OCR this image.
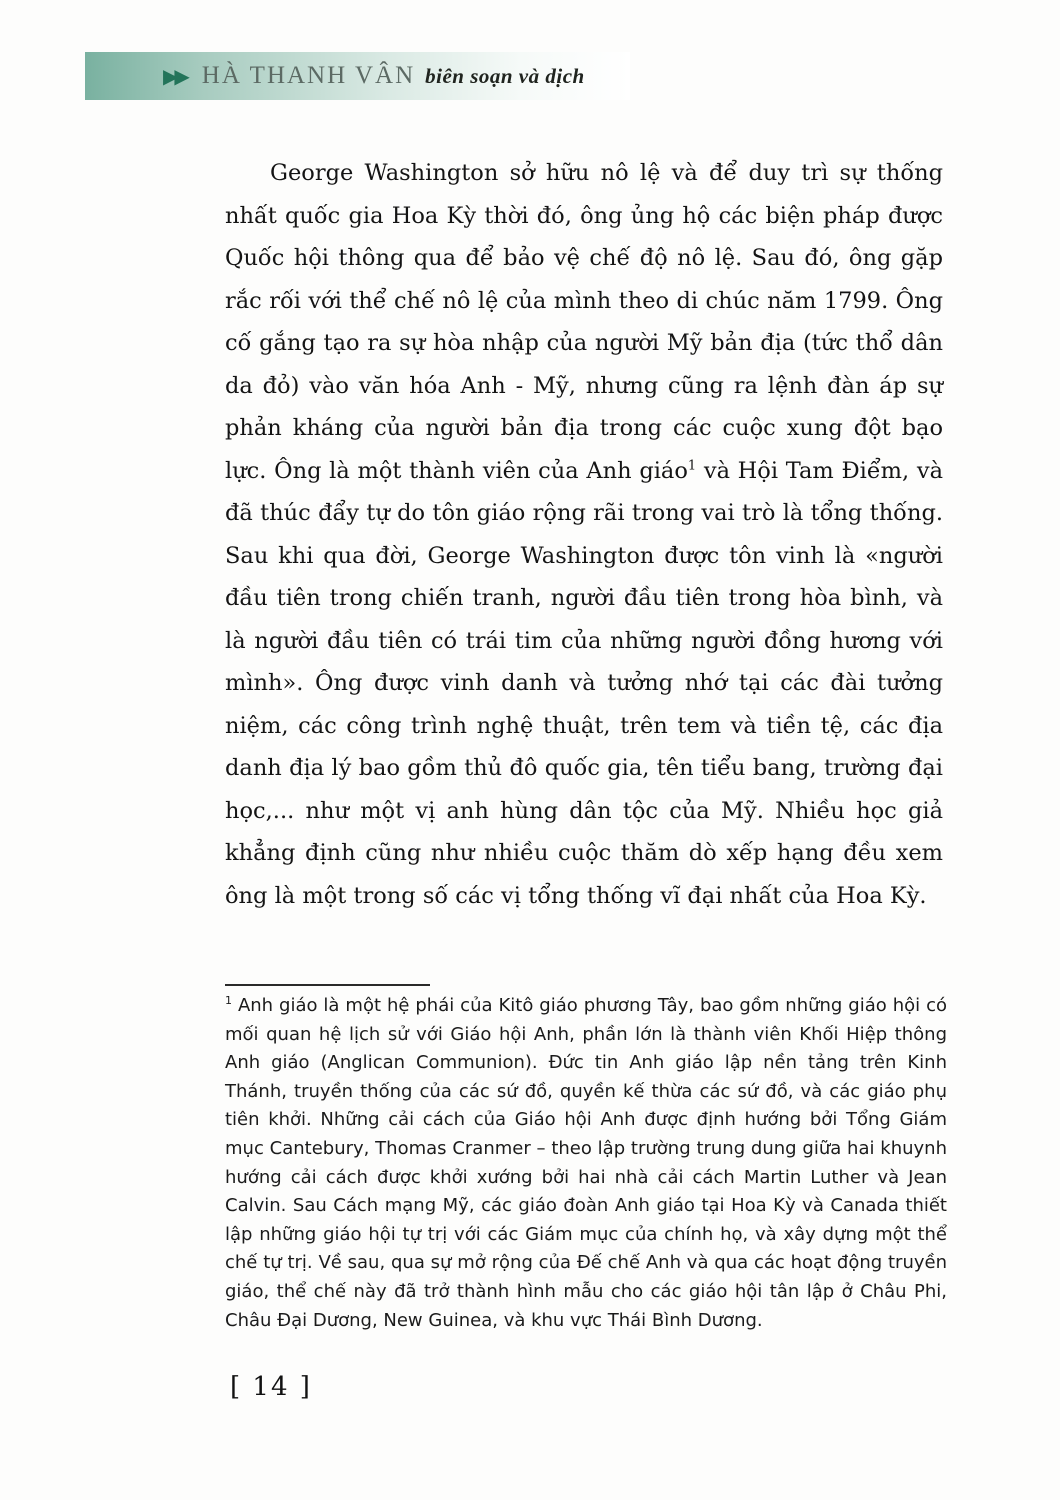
▶▶ HÀ THANH VÂN biên soạn và dịch
George Washington sở hữu nô lệ và để duy trì sự thống nhất quốc gia Hoa Kỳ thời đó, ông ủng hộ các biện pháp được Quốc hội thông qua để bảo vệ chế độ nô lệ. Sau đó, ông gặp rắc rối với thể chế nô lệ của mình theo di chúc năm 1799. Ông cố gắng tạo ra sự hòa nhập của người Mỹ bản địa (tức thổ dân da đỏ) vào văn hóa Anh - Mỹ, nhưng cũng ra lệnh đàn áp sự phản kháng của người bản địa trong các cuộc xung đột bạo lực. Ông là một thành viên của Anh giáo$^1$ và Hội Tam Điểm, và đã thúc đẩy tự do tôn giáo rộng rãi trong vai trò là tổng thống. Sau khi qua đời, George Washington được tôn vinh là «người đầu tiên trong chiến tranh, người đầu tiên trong hòa bình, và là người đầu tiên có trái tim của những người đồng hương với mình». Ông được vinh danh và tưởng nhớ tại các đài tưởng niệm, các công trình nghệ thuật, trên tem và tiền tệ, các địa danh địa lý bao gồm thủ đô quốc gia, tên tiểu bang, trường đại học,... như một vị anh hùng dân tộc của Mỹ. Nhiều học giả khẳng định cũng như nhiều cuộc thăm dò xếp hạng đều xem ông là một trong số các vị tổng thống vĩ đại nhất của Hoa Kỳ.
$^1$ Anh giáo là một hệ phái của Kitô giáo phương Tây, bao gồm những giáo hội có mối quan hệ lịch sử với Giáo hội Anh, phần lớn là thành viên Khối Hiệp thông Anh giáo (Anglican Communion). Đức tin Anh giáo lập nền tảng trên Kinh Thánh, truyền thống của các sứ đồ, quyền kế thừa các sứ đồ, và các giáo phụ tiên khởi. Những cải cách của Giáo hội Anh được định hướng bởi Tổng Giám mục Cantebury, Thomas Cranmer – theo lập trường trung dung giữa hai khuynh hướng cải cách được khởi xướng bởi hai nhà cải cách Martin Luther và Jean Calvin. Sau Cách mạng Mỹ, các giáo đoàn Anh giáo tại Hoa Kỳ và Canada thiết lập những giáo hội tự trị với các Giám mục của chính họ, và xây dựng một thể chế tự trị. Về sau, qua sự mở rộng của Đế chế Anh và qua các hoạt động truyền giáo, thể chế này đã trở thành hình mẫu cho các giáo hội tân lập ở Châu Phi, Châu Đại Dương, New Guinea, và khu vực Thái Bình Dương.
[ 14 ]
